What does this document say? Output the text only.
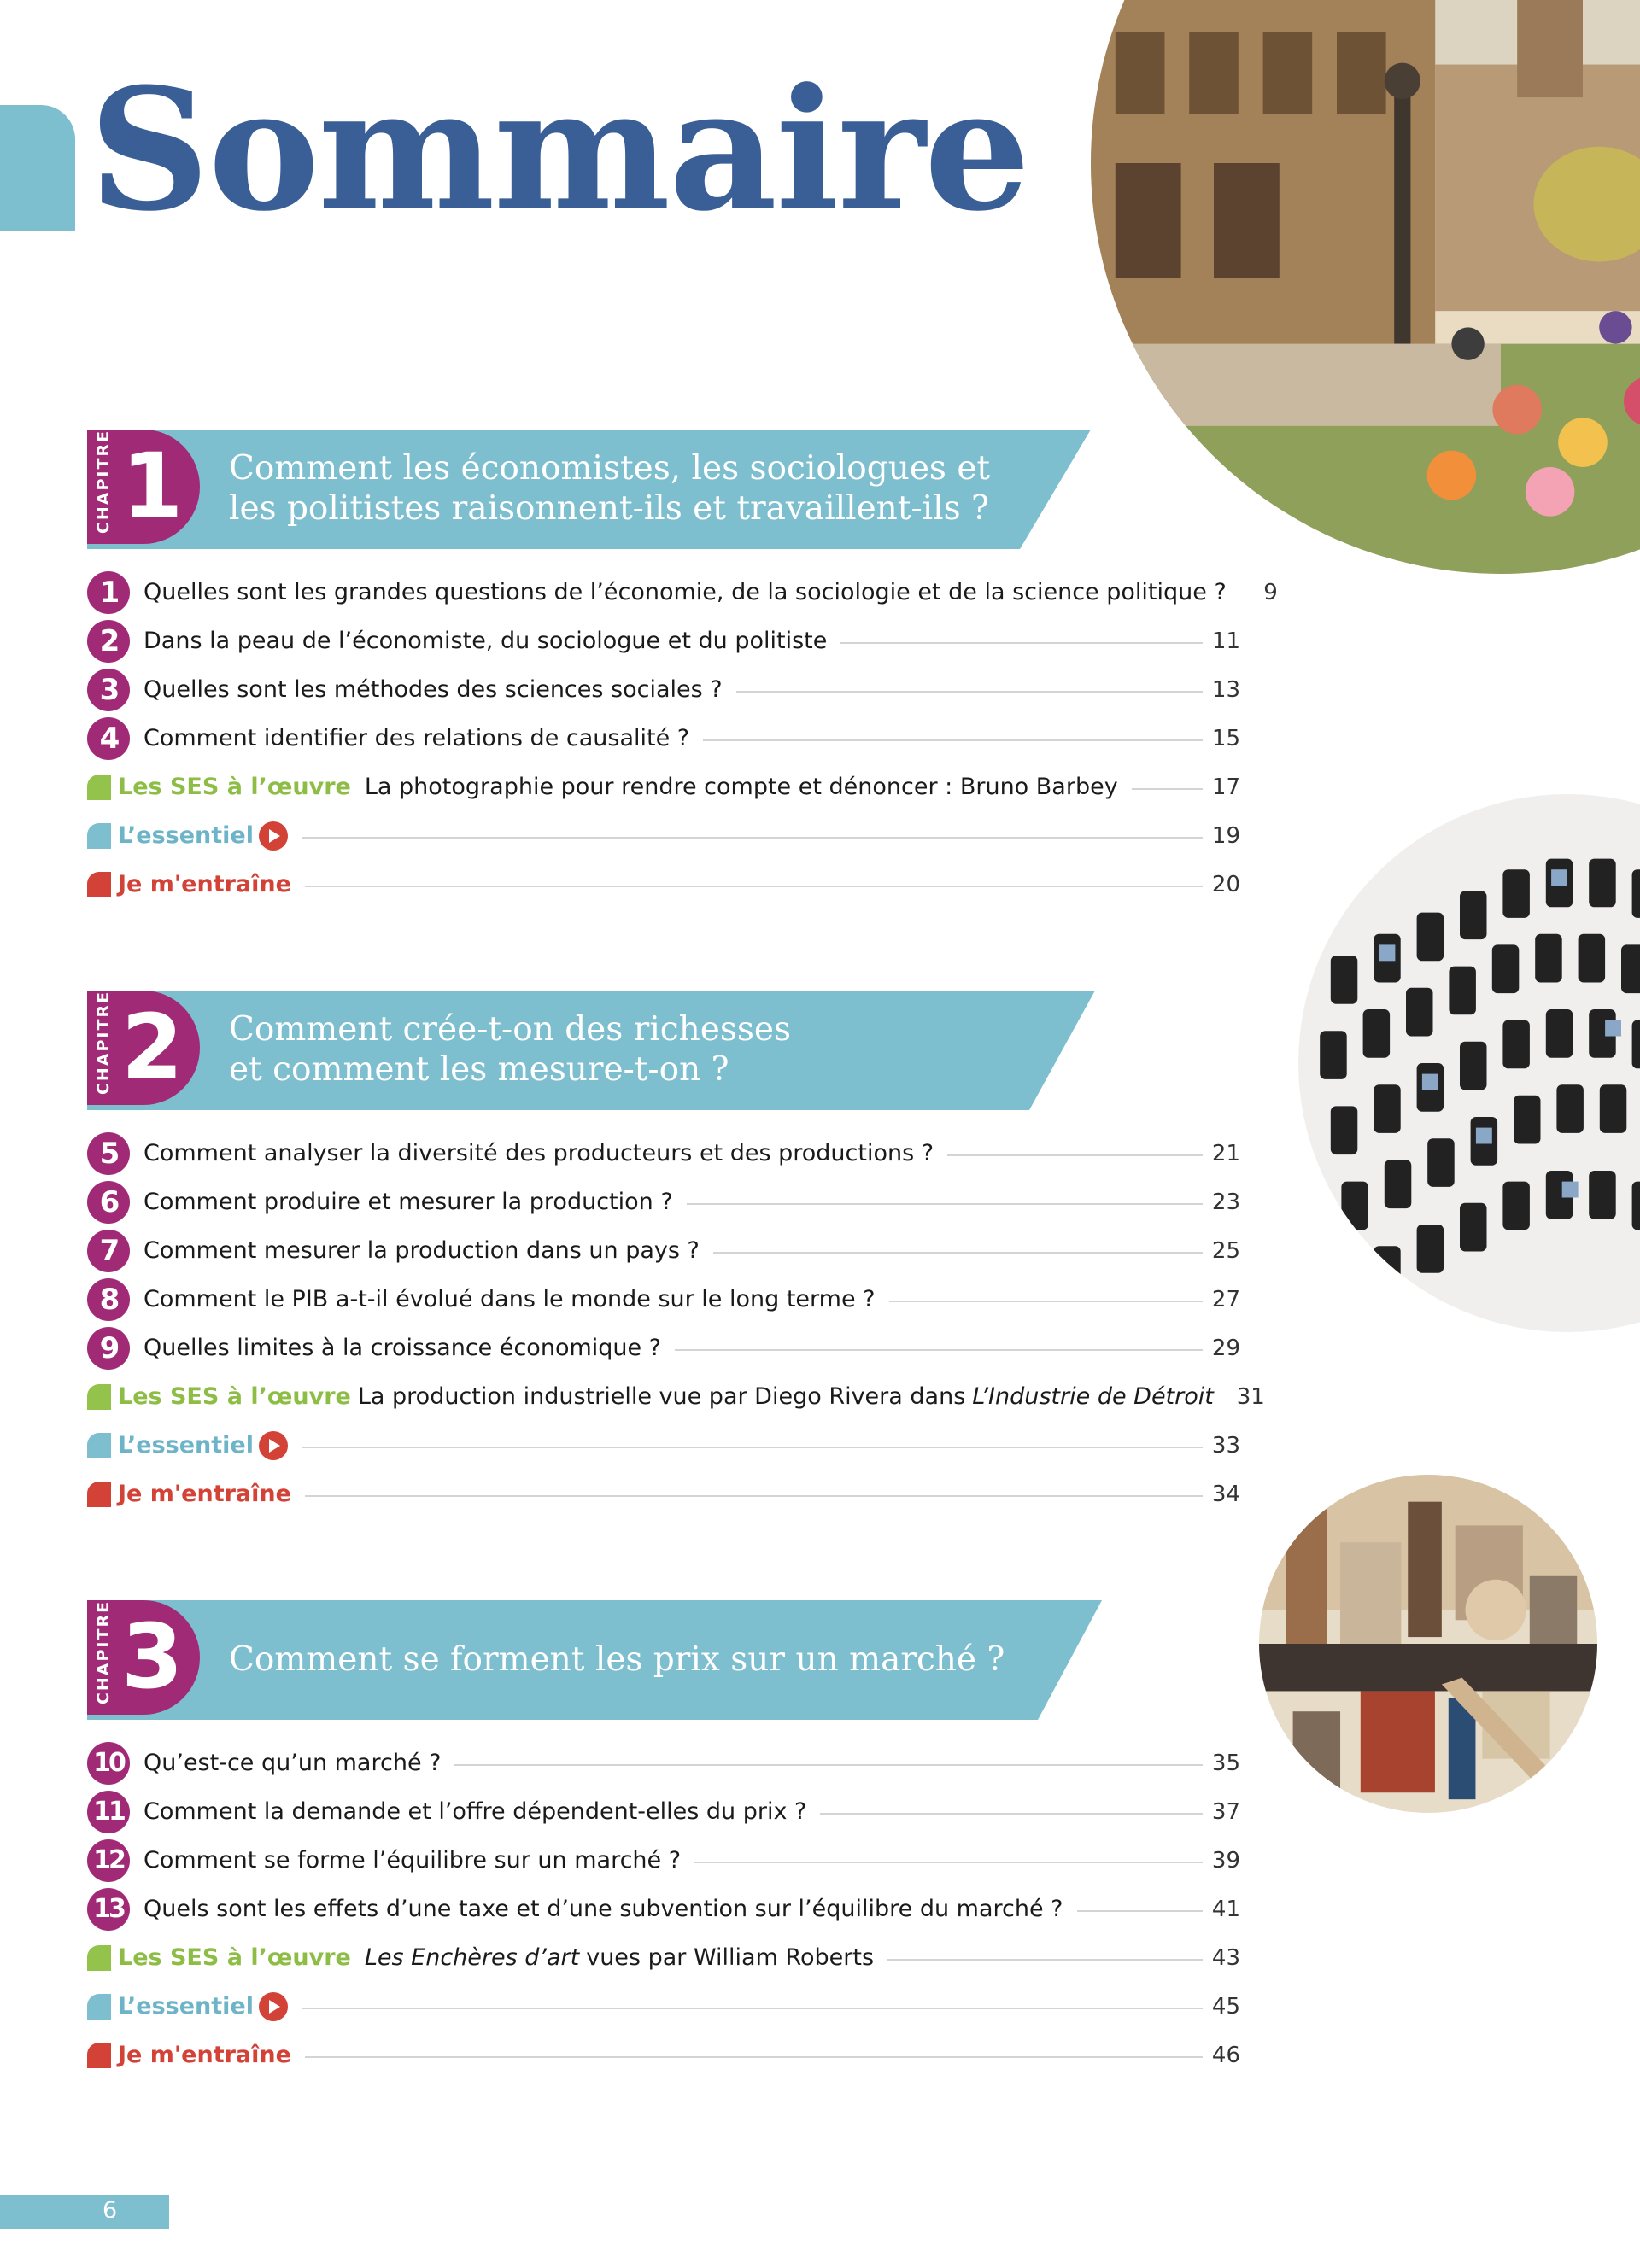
Sommaire
CHAPITRE 1 Comment les économistes, les sociologues et
les politistes raisonnent-ils et travaillent-ils ?
1	Quelles sont les grandes questions de l’économie, de la sociologie et de la science politique ?	9
2	Dans la peau de l’économiste, du sociologue et du politiste	11
3	Quelles sont les méthodes des sciences sociales ?	13
4	Comment identifier des relations de causalité ?	15
Les SES à l’œuvre La photographie pour rendre compte et dénoncer : Bruno Barbey	17
L’essentiel	19
Je m'entraîne	20
CHAPITRE 2 Comment crée-t-on des richesses
et comment les mesure-t-on ?
5	Comment analyser la diversité des producteurs et des productions ?	21
6	Comment produire et mesurer la production ?	23
7	Comment mesurer la production dans un pays ?	25
8	Comment le PIB a-t-il évolué dans le monde sur le long terme ?	27
9	Quelles limites à la croissance économique ?	29
Les SES à l’œuvre La production industrielle vue par Diego Rivera dans L’Industrie de Détroit 31
L’essentiel	33
Je m'entraîne	34
CHAPITRE 3 Comment se forment les prix sur un marché ?
10 Qu’est-ce qu’un marché ?	35
11 Comment la demande et l’offre dépendent-elles du prix ?	37
12 Comment se forme l’équilibre sur un marché ?	39
13 Quels sont les effets d’une taxe et d’une subvention sur l’équilibre du marché ?	41
Les SES à l’œuvre Les Enchères d’art vues par William Roberts	43
L’essentiel	45
Je m'entraîne	46
6
